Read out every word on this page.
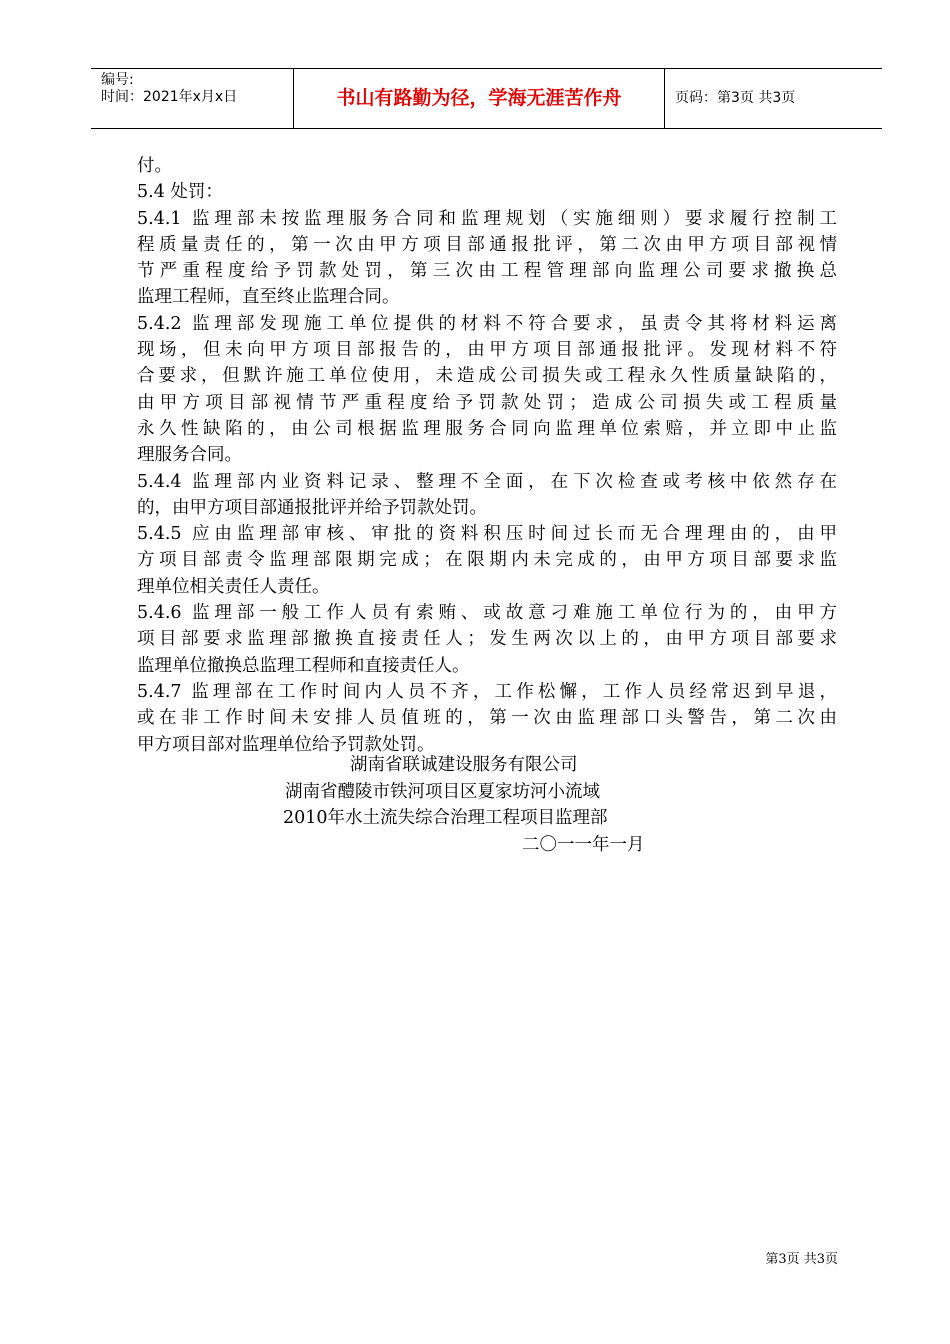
编号:
时间：2021年x月x日	书山有路勤为径，学海无涯苦作舟	页码：第3页 共3页
付。
5.4 处罚：
5.4.1 监理部未按监理服务合同和监理规划（实施细则）要求履行控制工
程质量责任的，第一次由甲方项目部通报批评，第二次由甲方项目部视情
节严重程度给予罚款处罚，第三次由工程管理部向监理公司要求撤换总
监理工程师，直至终止监理合同。
5.4.2 监理部发现施工单位提供的材料不符合要求，虽责令其将材料运离
现场，但未向甲方项目部报告的，由甲方项目部通报批评。发现材料不符
合要求，但默许施工单位使用，未造成公司损失或工程永久性质量缺陷的，
由甲方项目部视情节严重程度给予罚款处罚；造成公司损失或工程质量
永久性缺陷的，由公司根据监理服务合同向监理单位索赔，并立即中止监
理服务合同。
5.4.4 监理部内业资料记录、整理不全面，在下次检查或考核中依然存在
的，由甲方项目部通报批评并给予罚款处罚。
5.4.5 应由监理部审核、审批的资料积压时间过长而无合理理由的，由甲
方项目部责令监理部限期完成；在限期内未完成的，由甲方项目部要求监
理单位相关责任人责任。
5.4.6 监理部一般工作人员有索贿、或故意刁难施工单位行为的，由甲方
项目部要求监理部撤换直接责任人；发生两次以上的，由甲方项目部要求
监理单位撤换总监理工程师和直接责任人。
5.4.7 监理部在工作时间内人员不齐，工作松懈，工作人员经常迟到早退，
或在非工作时间未安排人员值班的，第一次由监理部口头警告，第二次由
甲方项目部对监理单位给予罚款处罚。
湖南省联诚建设服务有限公司
湖南省醴陵市铁河项目区夏家坊河小流域
2010年水土流失综合治理工程项目监理部
二〇一一年一月
第3页 共3页
